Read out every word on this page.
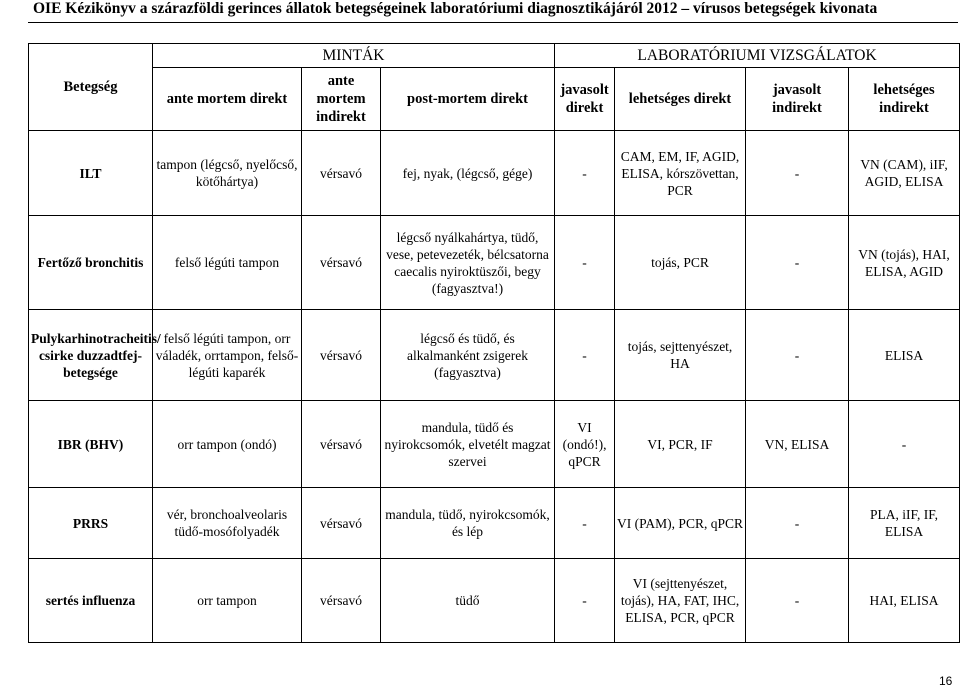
OIE Kézikönyv a szárazföldi gerinces állatok betegségeinek laboratóriumi diagnosztikájáról 2012 – vírusos betegségek kivonata
Betegség	MINTÁK			LABORATÓRIUMI VIZSGÁLATOK			
	ante mortem direkt	ante mortem indirekt	post-mortem direkt	javasolt direkt	lehetséges direkt	javasolt indirekt	lehetséges indirekt
ILT	tampon (légcső, nyelőcső, kötőhártya)	vérsavó	fej, nyak, (légcső, gége)	-	CAM, EM, IF, AGID, ELISA, kórszövettan, PCR	-	VN (CAM), iIF, AGID, ELISA
Fertőző bronchitis	felső légúti tampon	vérsavó	légcső nyálkahártya, tüdő, vese, petevezeték, bélcsatorna caecalis nyiroktüszői, begy (fagyasztva!)	-	tojás, PCR	-	VN (tojás), HAI, ELISA, AGID
Pulykarhinotracheitis/ csirke duzzadtfej-betegsége	felső légúti tampon, orr váladék, orrtampon, felső-légúti kaparék	vérsavó	légcső és tüdő, és alkalmanként zsigerek (fagyasztva)	-	tojás, sejttenyészet, HA	-	ELISA
IBR (BHV)	orr tampon (ondó)	vérsavó	mandula, tüdő és nyirokcsomók, elvetélt magzat szervei	VI (ondó!), qPCR	VI, PCR, IF	VN, ELISA	-
PRRS	vér, bronchoalveolaris tüdő-mosófolyadék	vérsavó	mandula, tüdő, nyirokcsomók, és lép	-	VI (PAM), PCR, qPCR	-	PLA, iIF, IF, ELISA
sertés influenza	orr tampon	vérsavó	tüdő	-	VI (sejttenyészet, tojás), HA, FAT, IHC, ELISA, PCR, qPCR	-	HAI, ELISA
16
